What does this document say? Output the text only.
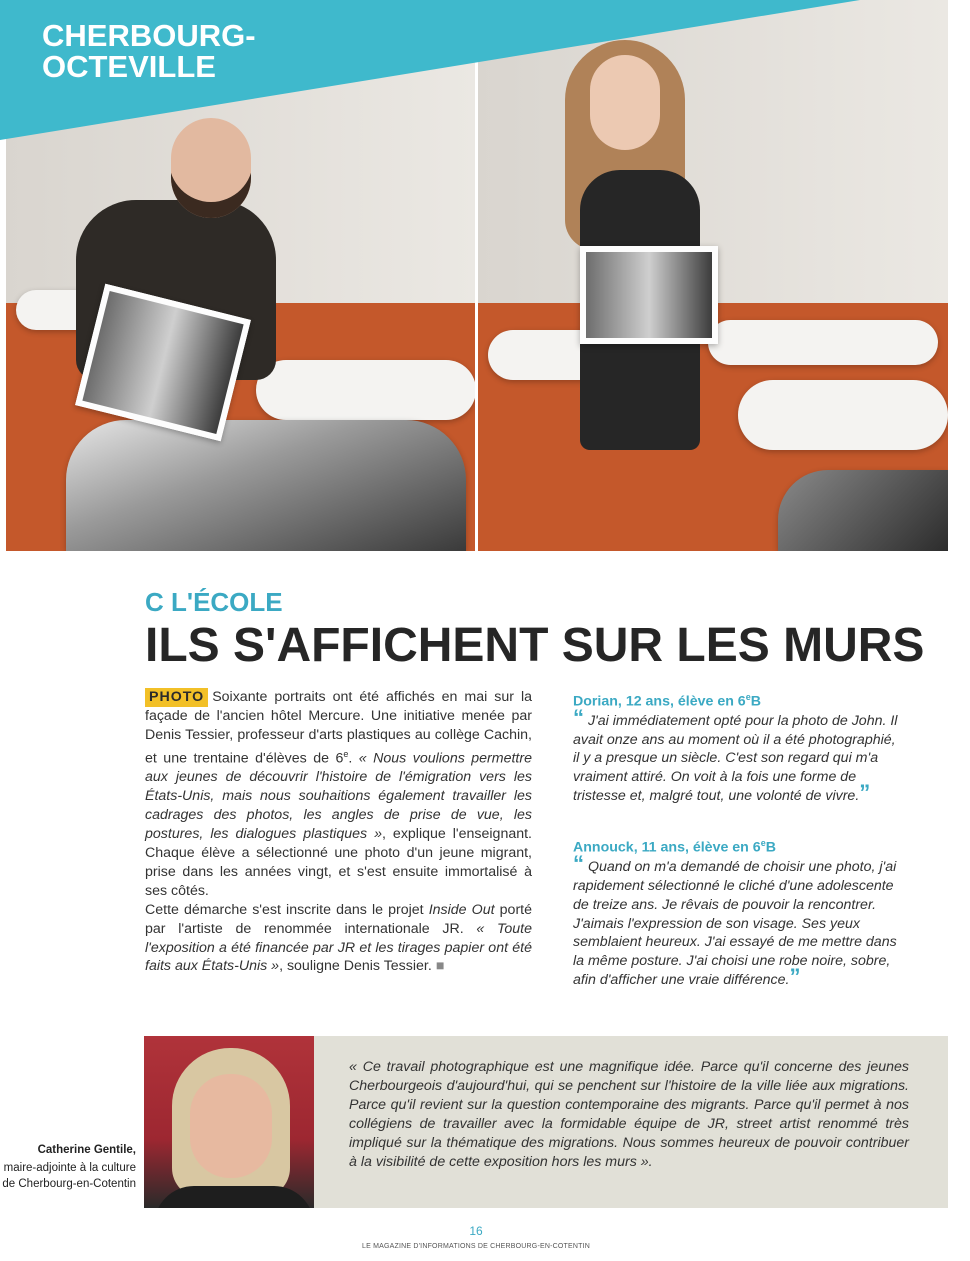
CHERBOURG-
OCTEVILLE
C L'ÉCOLE
ILS S'AFFICHENT SUR LES MURS

PHOTO Soixante portraits ont été affichés en mai sur la façade de l'ancien hôtel Mercure. Une initiative menée par Denis Tessier, professeur d'arts plastiques au collège Cachin, et une trentaine d'élèves de 6e. « Nous voulions permettre aux jeunes de découvrir l'histoire de l'émigration vers les États-Unis, mais nous souhaitions également travailler les cadrages des photos, les angles de prise de vue, les postures, les dialogues plastiques », explique l'enseignant. Chaque élève a sélectionné une photo d'un jeune migrant, prise dans les années vingt, et s'est ensuite immortalisé à ses côtés.

Cette démarche s'est inscrite dans le projet Inside Out porté par l'artiste de renommée internationale JR. « Toute l'exposition a été financée par JR et les tirages papier ont été faits aux États-Unis », souligne Denis Tessier. ■

Dorian, 12 ans, élève en 6eB
“ J'ai immédiatement opté pour la photo de John. Il avait onze ans au moment où il a été photographié, il y a presque un siècle. C'est son regard qui m'a vraiment attiré. On voit à la fois une forme de tristesse et, malgré tout, une volonté de vivre.”
Annouck, 11 ans, élève en 6eB
“ Quand on m'a demandé de choisir une photo, j'ai rapidement sélectionné le cliché d'une adolescente de treize ans. Je rêvais de pouvoir la rencontrer. J'aimais l'expression de son visage. Ses yeux semblaient heureux. J'ai essayé de me mettre dans la même posture. J'ai choisi une robe noire, sobre, afin d'afficher une vraie différence.”
Catherine Gentile,
maire-adjointe à la culture
de Cherbourg-en-Cotentin
« Ce travail photographique est une magnifique idée. Parce qu'il concerne des jeunes Cherbourgeois d'aujourd'hui, qui se penchent sur l'histoire de la ville liée aux migrations. Parce qu'il revient sur la question contemporaine des migrants. Parce qu'il permet à nos collégiens de travailler avec la formidable équipe de JR, street artist renommé très impliqué sur la thématique des migrations. Nous sommes heureux de pouvoir contribuer à la visibilité de cette exposition hors les murs ».
16
LE MAGAZINE D'INFORMATIONS DE CHERBOURG-EN-COTENTIN
